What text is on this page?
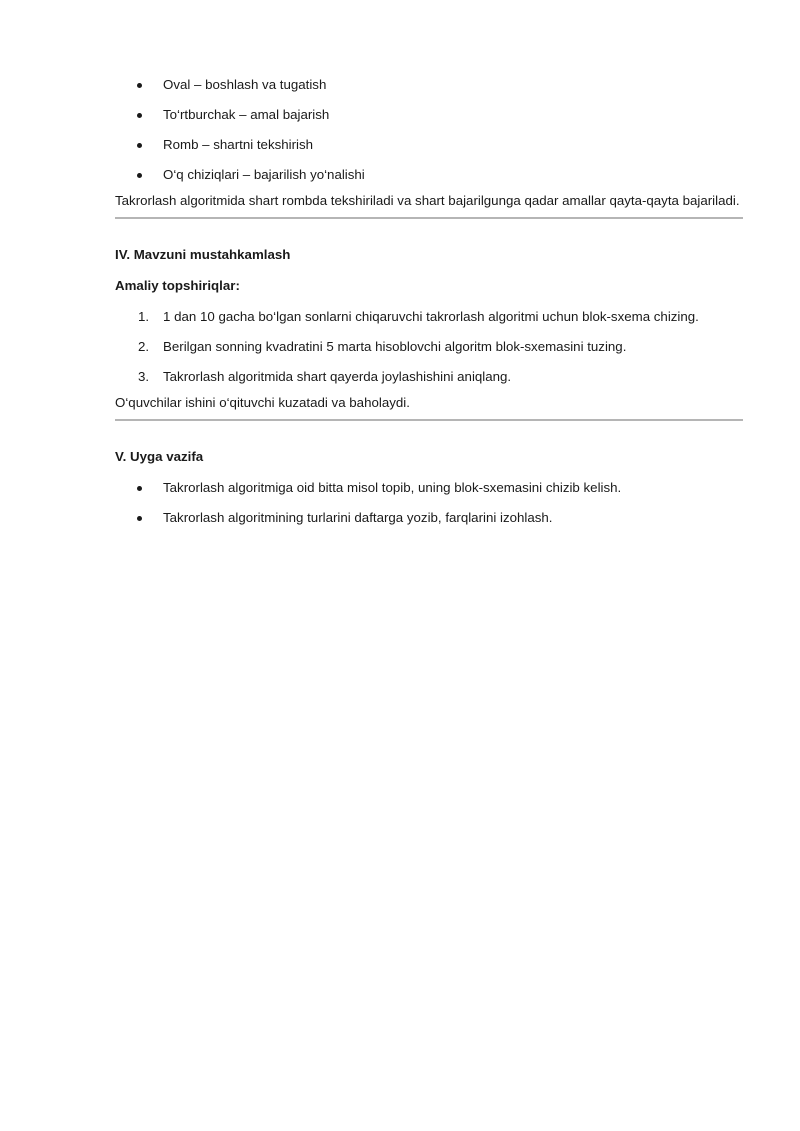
Oval – boshlash va tugatish
To‘rtburchak – amal bajarish
Romb – shartni tekshirish
O‘q chiziqlari – bajarilish yo‘nalishi

Takrorlash algoritmida shart rombda tekshiriladi va shart bajarilgunga qadar amallar qayta-qayta bajariladi.

IV. Mavzuni mustahkamlash

Amaliy topshiriqlar:

1. 1 dan 10 gacha bo‘lgan sonlarni chiqaruvchi takrorlash algoritmi uchun blok-sxema chizing.
2. Berilgan sonning kvadratini 5 marta hisoblovchi algoritm blok-sxemasini tuzing.
3. Takrorlash algoritmida shart qayerda joylashishini aniqlang.

O‘quvchilar ishini o‘qituvchi kuzatadi va baholaydi.

V. Uyga vazifa

Takrorlash algoritmiga oid bitta misol topib, uning blok-sxemasini chizib kelish.
Takrorlash algoritmining turlarini daftarga yozib, farqlarini izohlash.
